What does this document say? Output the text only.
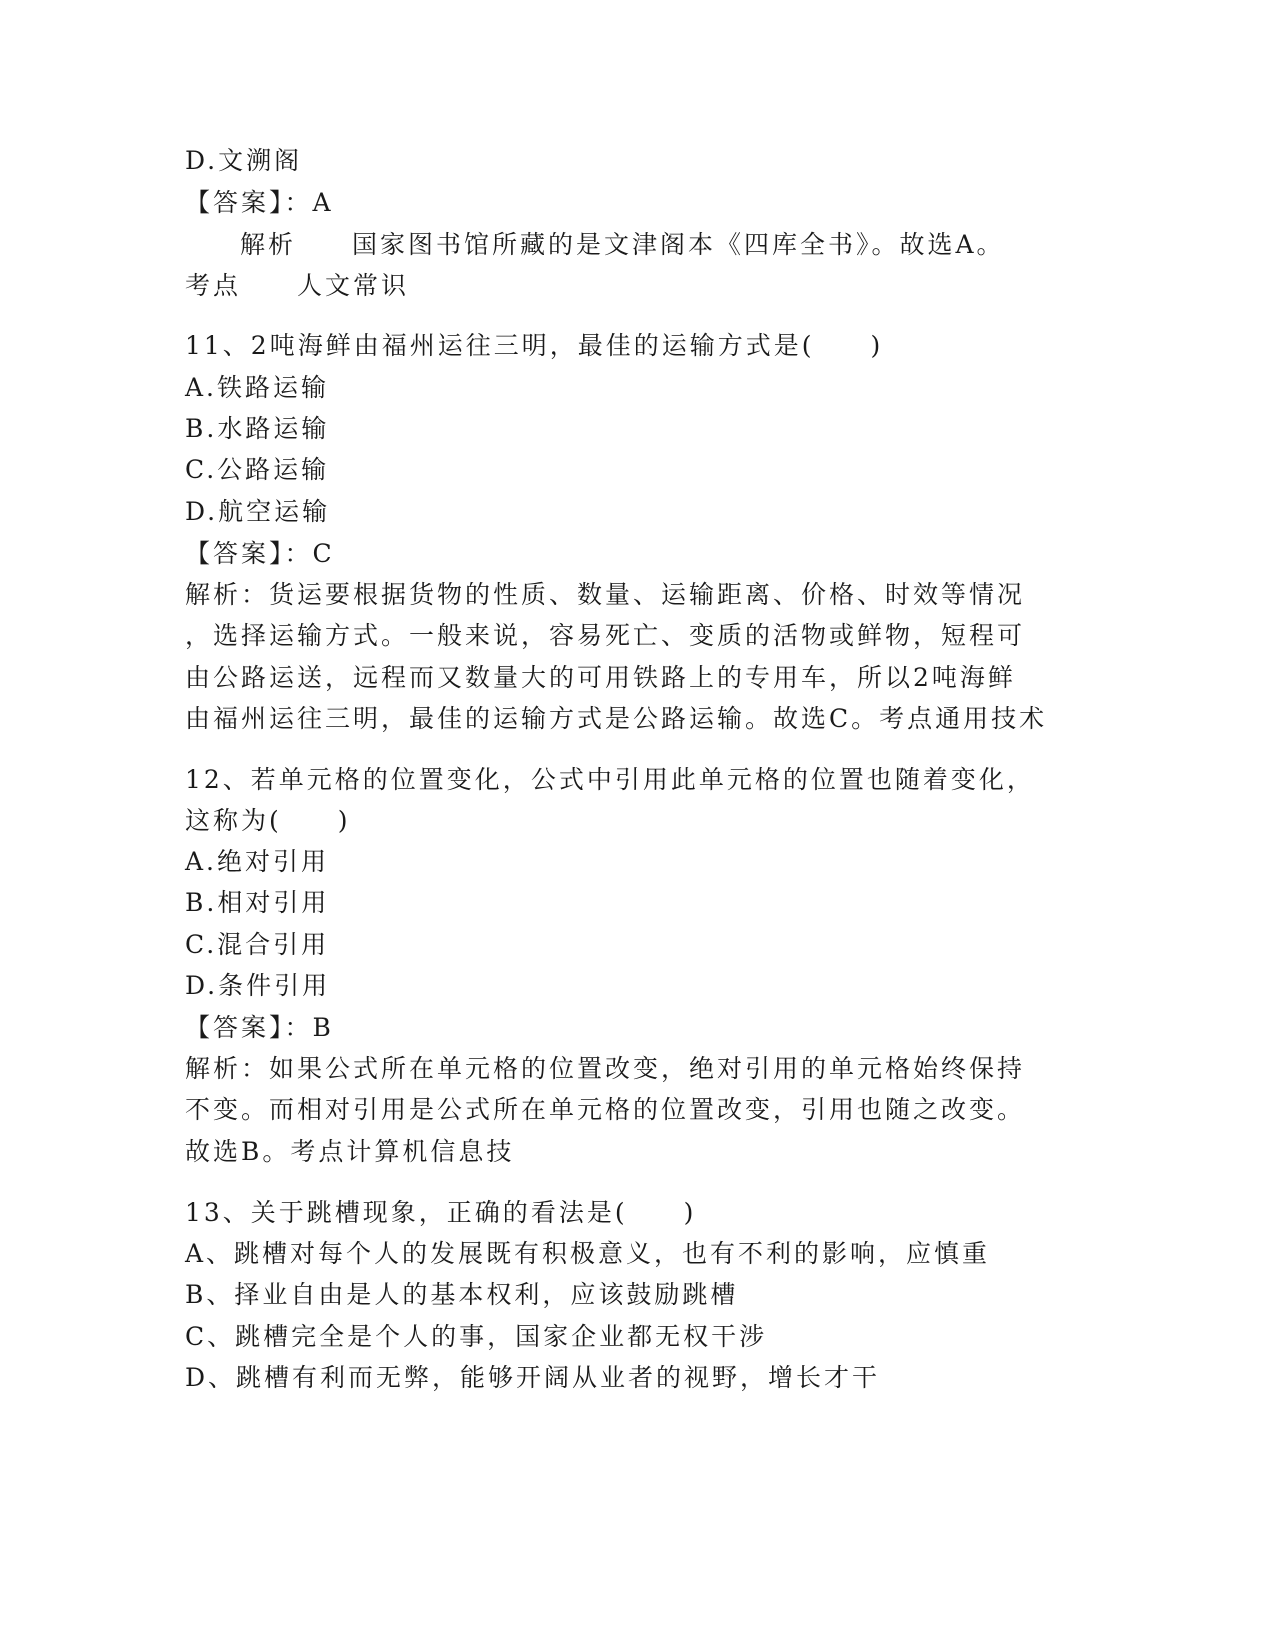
D.文溯阁
【答案】：A
解析　　国家图书馆所藏的是文津阁本《四库全书》。故选A。
考点　　人文常识
11、2吨海鲜由福州运往三明，最佳的运输方式是(　　)
A.铁路运输
B.水路运输
C.公路运输
D.航空运输
【答案】：C
解析：货运要根据货物的性质、数量、运输距离、价格、时效等情况
，选择运输方式。一般来说，容易死亡、变质的活物或鲜物，短程可
由公路运送，远程而又数量大的可用铁路上的专用车，所以2吨海鲜
由福州运往三明，最佳的运输方式是公路运输。故选C。考点通用技术
12、若单元格的位置变化，公式中引用此单元格的位置也随着变化，
这称为(　　)
A.绝对引用
B.相对引用
C.混合引用
D.条件引用
【答案】：B
解析：如果公式所在单元格的位置改变，绝对引用的单元格始终保持
不变。而相对引用是公式所在单元格的位置改变，引用也随之改变。
故选B。考点计算机信息技
13、关于跳槽现象，正确的看法是(　　)
A、跳槽对每个人的发展既有积极意义，也有不利的影响，应慎重
B、择业自由是人的基本权利，应该鼓励跳槽
C、跳槽完全是个人的事，国家企业都无权干涉
D、跳槽有利而无弊，能够开阔从业者的视野，增长才干
